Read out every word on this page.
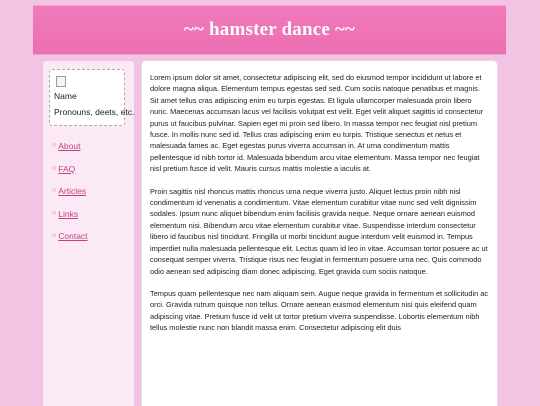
~~ hamster dance ~~
Name
Pronouns, deets, etc.
○ About
○ FAQ
○ Articles
○ Links
○ Contact

Lorem ipsum dolor sit amet, consectetur adipiscing elit, sed do eiusmod tempor incididunt ut labore et dolore magna aliqua. Elementum tempus egestas sed sed. Cum sociis natoque penatibus et magnis. Sit amet tellus cras adipiscing enim eu turpis egestas. Et ligula ullamcorper malesuada proin libero nunc. Maecenas accumsan lacus vel facilisis volutpat est velit. Eget velit aliquet sagittis id consectetur purus ut faucibus pulvinar. Sapien eget mi proin sed libero. In massa tempor nec feugiat nisl pretium fusce. In mollis nunc sed id. Tellus cras adipiscing enim eu turpis. Tristique senectus et netus et malesuada fames ac. Eget egestas purus viverra accumsan in. At urna condimentum mattis pellentesque id nibh tortor id. Malesuada bibendum arcu vitae elementum. Massa tempor nec feugiat nisl pretium fusce id velit. Mauris cursus mattis molestie a iaculis at.

Proin sagittis nisl rhoncus mattis rhoncus urna neque viverra justo. Aliquet lectus proin nibh nisl condimentum id venenatis a condimentum. Vitae elementum curabitur vitae nunc sed velit dignissim sodales. Ipsum nunc aliquet bibendum enim facilisis gravida neque. Neque ornare aenean euismod elementum nisi. Bibendum arcu vitae elementum curabitur vitae. Suspendisse interdum consectetur libero id faucibus nisl tincidunt. Fringilla ut morbi tincidunt augue interdum velit euismod in. Tempus imperdiet nulla malesuada pellentesque elit. Lectus quam id leo in vitae. Accumsan tortor posuere ac ut consequat semper viverra. Tristique risus nec feugiat in fermentum posuere urna nec. Quis commodo odio aenean sed adipiscing diam donec adipiscing. Eget gravida cum sociis natoque.

Tempus quam pellentesque nec nam aliquam sem. Augue neque gravida in fermentum et sollicitudin ac orci. Gravida rutrum quisque non tellus. Ornare aenean euismod elementum nisi quis eleifend quam adipiscing vitae. Pretium fusce id velit ut tortor pretium viverra suspendisse. Lobortis elementum nibh tellus molestie nunc non blandit massa enim. Consectetur adipiscing elit duis
